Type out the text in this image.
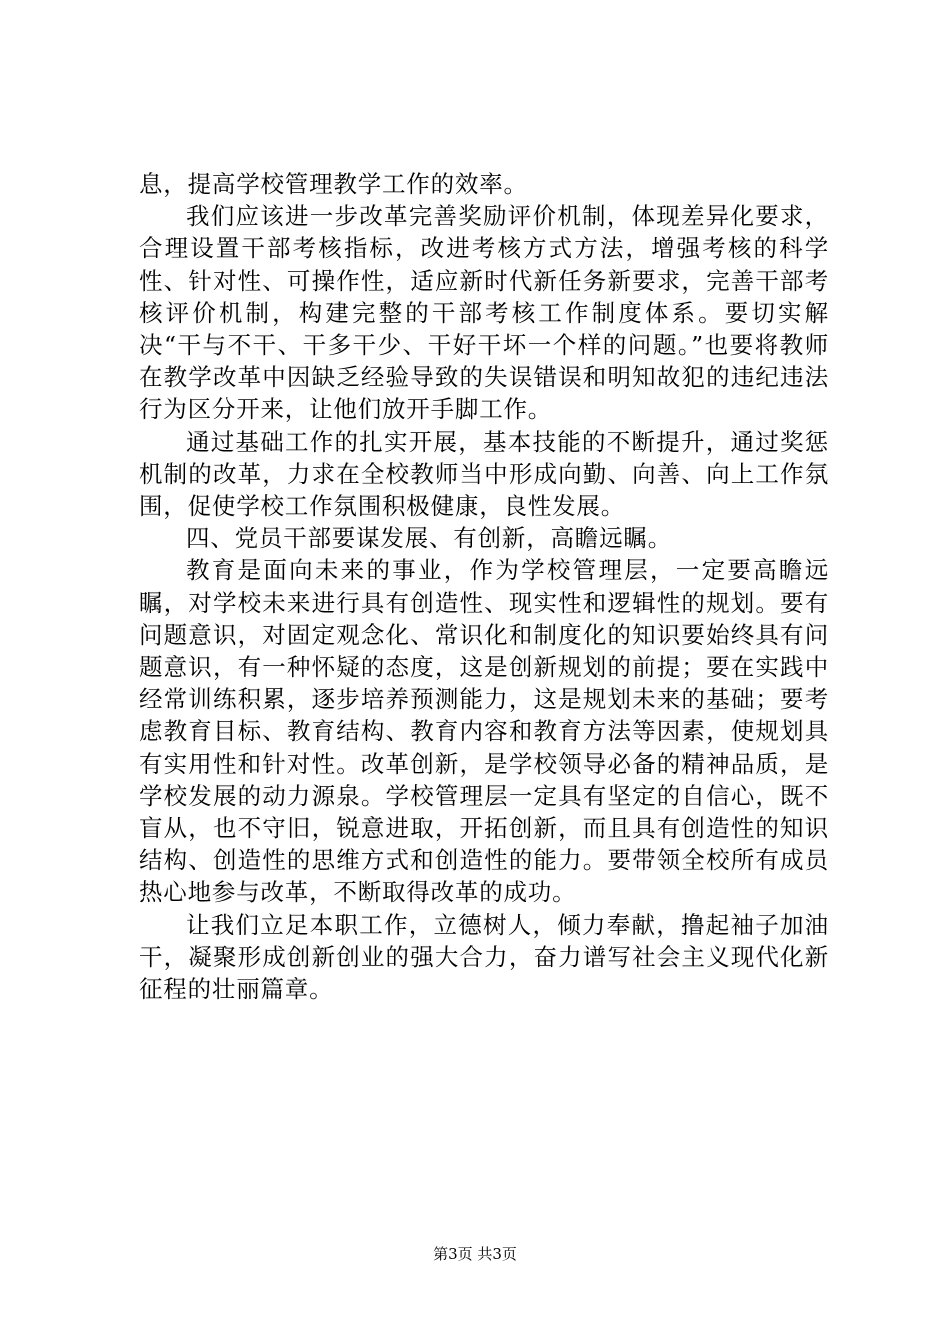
息，提高学校管理教学工作的效率。

我们应该进一步改革完善奖励评价机制，体现差异化要求，合理设置干部考核指标，改进考核方式方法，增强考核的科学性、针对性、可操作性，适应新时代新任务新要求，完善干部考核评价机制，构建完整的干部考核工作制度体系。要切实解决“干与不干、干多干少、干好干坏一个样的问题。”也要将教师在教学改革中因缺乏经验导致的失误错误和明知故犯的违纪违法行为区分开来，让他们放开手脚工作。

通过基础工作的扎实开展，基本技能的不断提升，通过奖惩机制的改革，力求在全校教师当中形成向勤、向善、向上工作氛围，促使学校工作氛围积极健康，良性发展。

四、党员干部要谋发展、有创新，高瞻远瞩。

教育是面向未来的事业，作为学校管理层，一定要高瞻远瞩，对学校未来进行具有创造性、现实性和逻辑性的规划。要有问题意识，对固定观念化、常识化和制度化的知识要始终具有问题意识，有一种怀疑的态度，这是创新规划的前提；要在实践中经常训练积累，逐步培养预测能力，这是规划未来的基础；要考虑教育目标、教育结构、教育内容和教育方法等因素，使规划具有实用性和针对性。改革创新，是学校领导必备的精神品质，是学校发展的动力源泉。学校管理层一定具有坚定的自信心，既不盲从，也不守旧，锐意进取，开拓创新，而且具有创造性的知识结构、创造性的思维方式和创造性的能力。要带领全校所有成员热心地参与改革，不断取得改革的成功。

让我们立足本职工作，立德树人，倾力奉献，撸起袖子加油干，凝聚形成创新创业的强大合力，奋力谱写社会主义现代化新征程的壮丽篇章。

第3页 共3页
